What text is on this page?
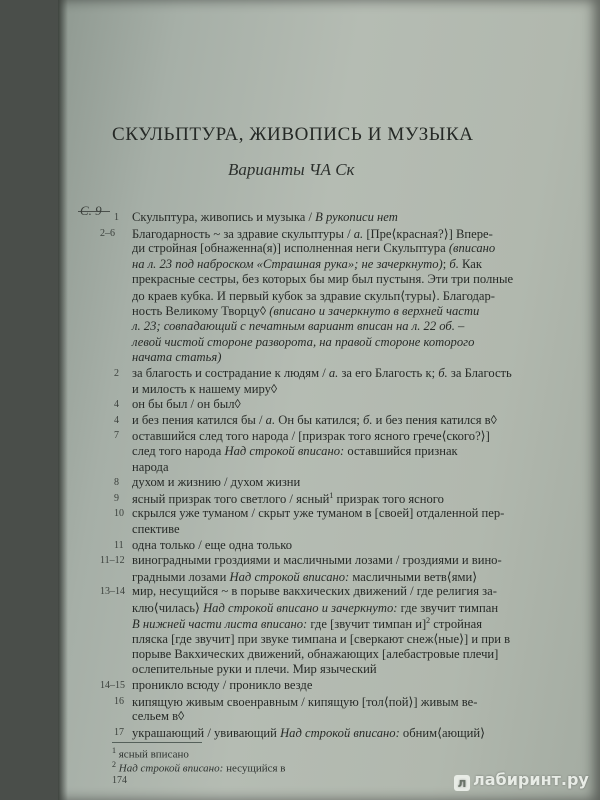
СКУЛЬПТУРА, ЖИВОПИСЬ И МУЗЫКА
Варианты ЧА Ск
С. 9 1 Скульптура, живопись и музыка / В рукописи нет
2–6 Благодарность ~ за здравие скульптуры / а. [Пре⟨красная?⟩] Впере-
ди стройная [обнаженна(я)] исполненная неги Скульптура (вписано
на л. 23 под наброском «Страшная рука»; не зачеркнуто); б. Как
прекрасные сестры, без которых бы мир был пустыня. Эти три полные
до краев кубка. И первый кубок за здравие скульп⟨туры⟩. Благодар-
ность Великому Творцу◊ (вписано и зачеркнуто в верхней части
л. 23; совпадающий с печатным вариант вписан на л. 22 об. –
левой чистой стороне разворота, на правой стороне которого
начата статья)
2 за благость и сострадание к людям / а. за его Благость к; б. за Благость
и милость к нашему миру◊
4 он бы был / он был◊
4 и без пения катился бы / а. Он бы катился; б. и без пения катился в◊
7 оставшийся след того народа / [призрак того ясного грече⟨ского?⟩]
след того народа Над строкой вписано: оставшийся признак
народа
8 духом и жизнию / духом жизни
9 ясный призрак того светлого / ясный$^1$ призрак того ясного
10 скрылся уже туманом / скрыт уже туманом в [своей] отдаленной пер-
спективе
11 одна только / еще одна только
11–12 виноградными гроздиями и масличными лозами / гроздиями и вино-
градными лозами Над строкой вписано: масличными ветв⟨ями⟩
13–14 мир, несущийся ~ в порыве вакхических движений / где религия за-
клю⟨чилась⟩ Над строкой вписано и зачеркнуто: где звучит тимпан
В нижней части листа вписано: где [звучит тимпан и]$^2$ стройная
пляска [где звучит] при звуке тимпана и [сверкают снеж⟨ные⟩] и при в
порыве Вакхических движений, обнажающих [алебастровые плечи]
ослепительные руки и плечи. Мир языческий
14–15 проникло всюду / проникло везде
16 кипящую живым своенравным / кипящую [тол⟨пой⟩] живым ве-
сельем в◊
17 украшающий / увивающий Над строкой вписано: обним⟨ающий⟩
$^1$ ясный вписано
$^2$ Над строкой вписано: несущийся в
174	л лабиринт.ру
